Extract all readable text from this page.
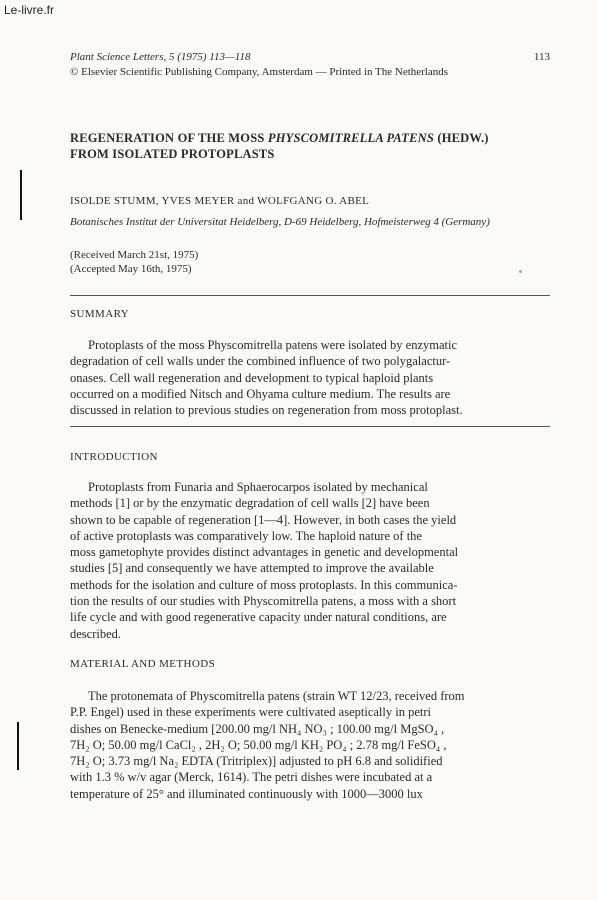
Le-livre.fr
Plant Science Letters, 5 (1975) 113—118	113
© Elsevier Scientific Publishing Company, Amsterdam — Printed in The Netherlands
REGENERATION OF THE MOSS PHYSCOMITRELLA PATENS (HEDW.)
FROM ISOLATED PROTOPLASTS
ISOLDE STUMM, YVES MEYER and WOLFGANG O. ABEL
Botanisches Institut der Universitat Heidelberg, D-69 Heidelberg, Hofmeisterweg 4 (Germany)
(Received March 21st, 1975)
(Accepted May 16th, 1975)
SUMMARY
Protoplasts of the moss Physcomitrella patens were isolated by enzymatic
degradation of cell walls under the combined influence of two polygalactur-
onases. Cell wall regeneration and development to typical haploid plants
occurred on a modified Nitsch and Ohyama culture medium. The results are
discussed in relation to previous studies on regeneration from moss protoplast.
INTRODUCTION
Protoplasts from Funaria and Sphaerocarpos isolated by mechanical
methods [1] or by the enzymatic degradation of cell walls [2] have been
shown to be capable of regeneration [1—4]. However, in both cases the yield
of active protoplasts was comparatively low. The haploid nature of the
moss gametophyte provides distinct advantages in genetic and developmental
studies [5] and consequently we have attempted to improve the available
methods for the isolation and culture of moss protoplasts. In this communica-
tion the results of our studies with Physcomitrella patens, a moss with a short
life cycle and with good regenerative capacity under natural conditions, are
described.
MATERIAL AND METHODS
The protonemata of Physcomitrella patens (strain WT 12/23, received from
P.P. Engel) used in these experiments were cultivated aseptically in petri
dishes on Benecke-medium [200.00 mg/l NH₄ NO₃ ; 100.00 mg/l MgSO₄ ,
7H₂ O; 50.00 mg/l CaCl₂ , 2H₂ O; 50.00 mg/l KH₂ PO₄ ; 2.78 mg/l FeSO₄ ,
7H₂ O; 3.73 mg/l Na₂ EDTA (Tritriplex)] adjusted to pH 6.8 and solidified
with 1.3 % w/v agar (Merck, 1614). The petri dishes were incubated at a
temperature of 25° and illuminated continuously with 1000—3000 lux
